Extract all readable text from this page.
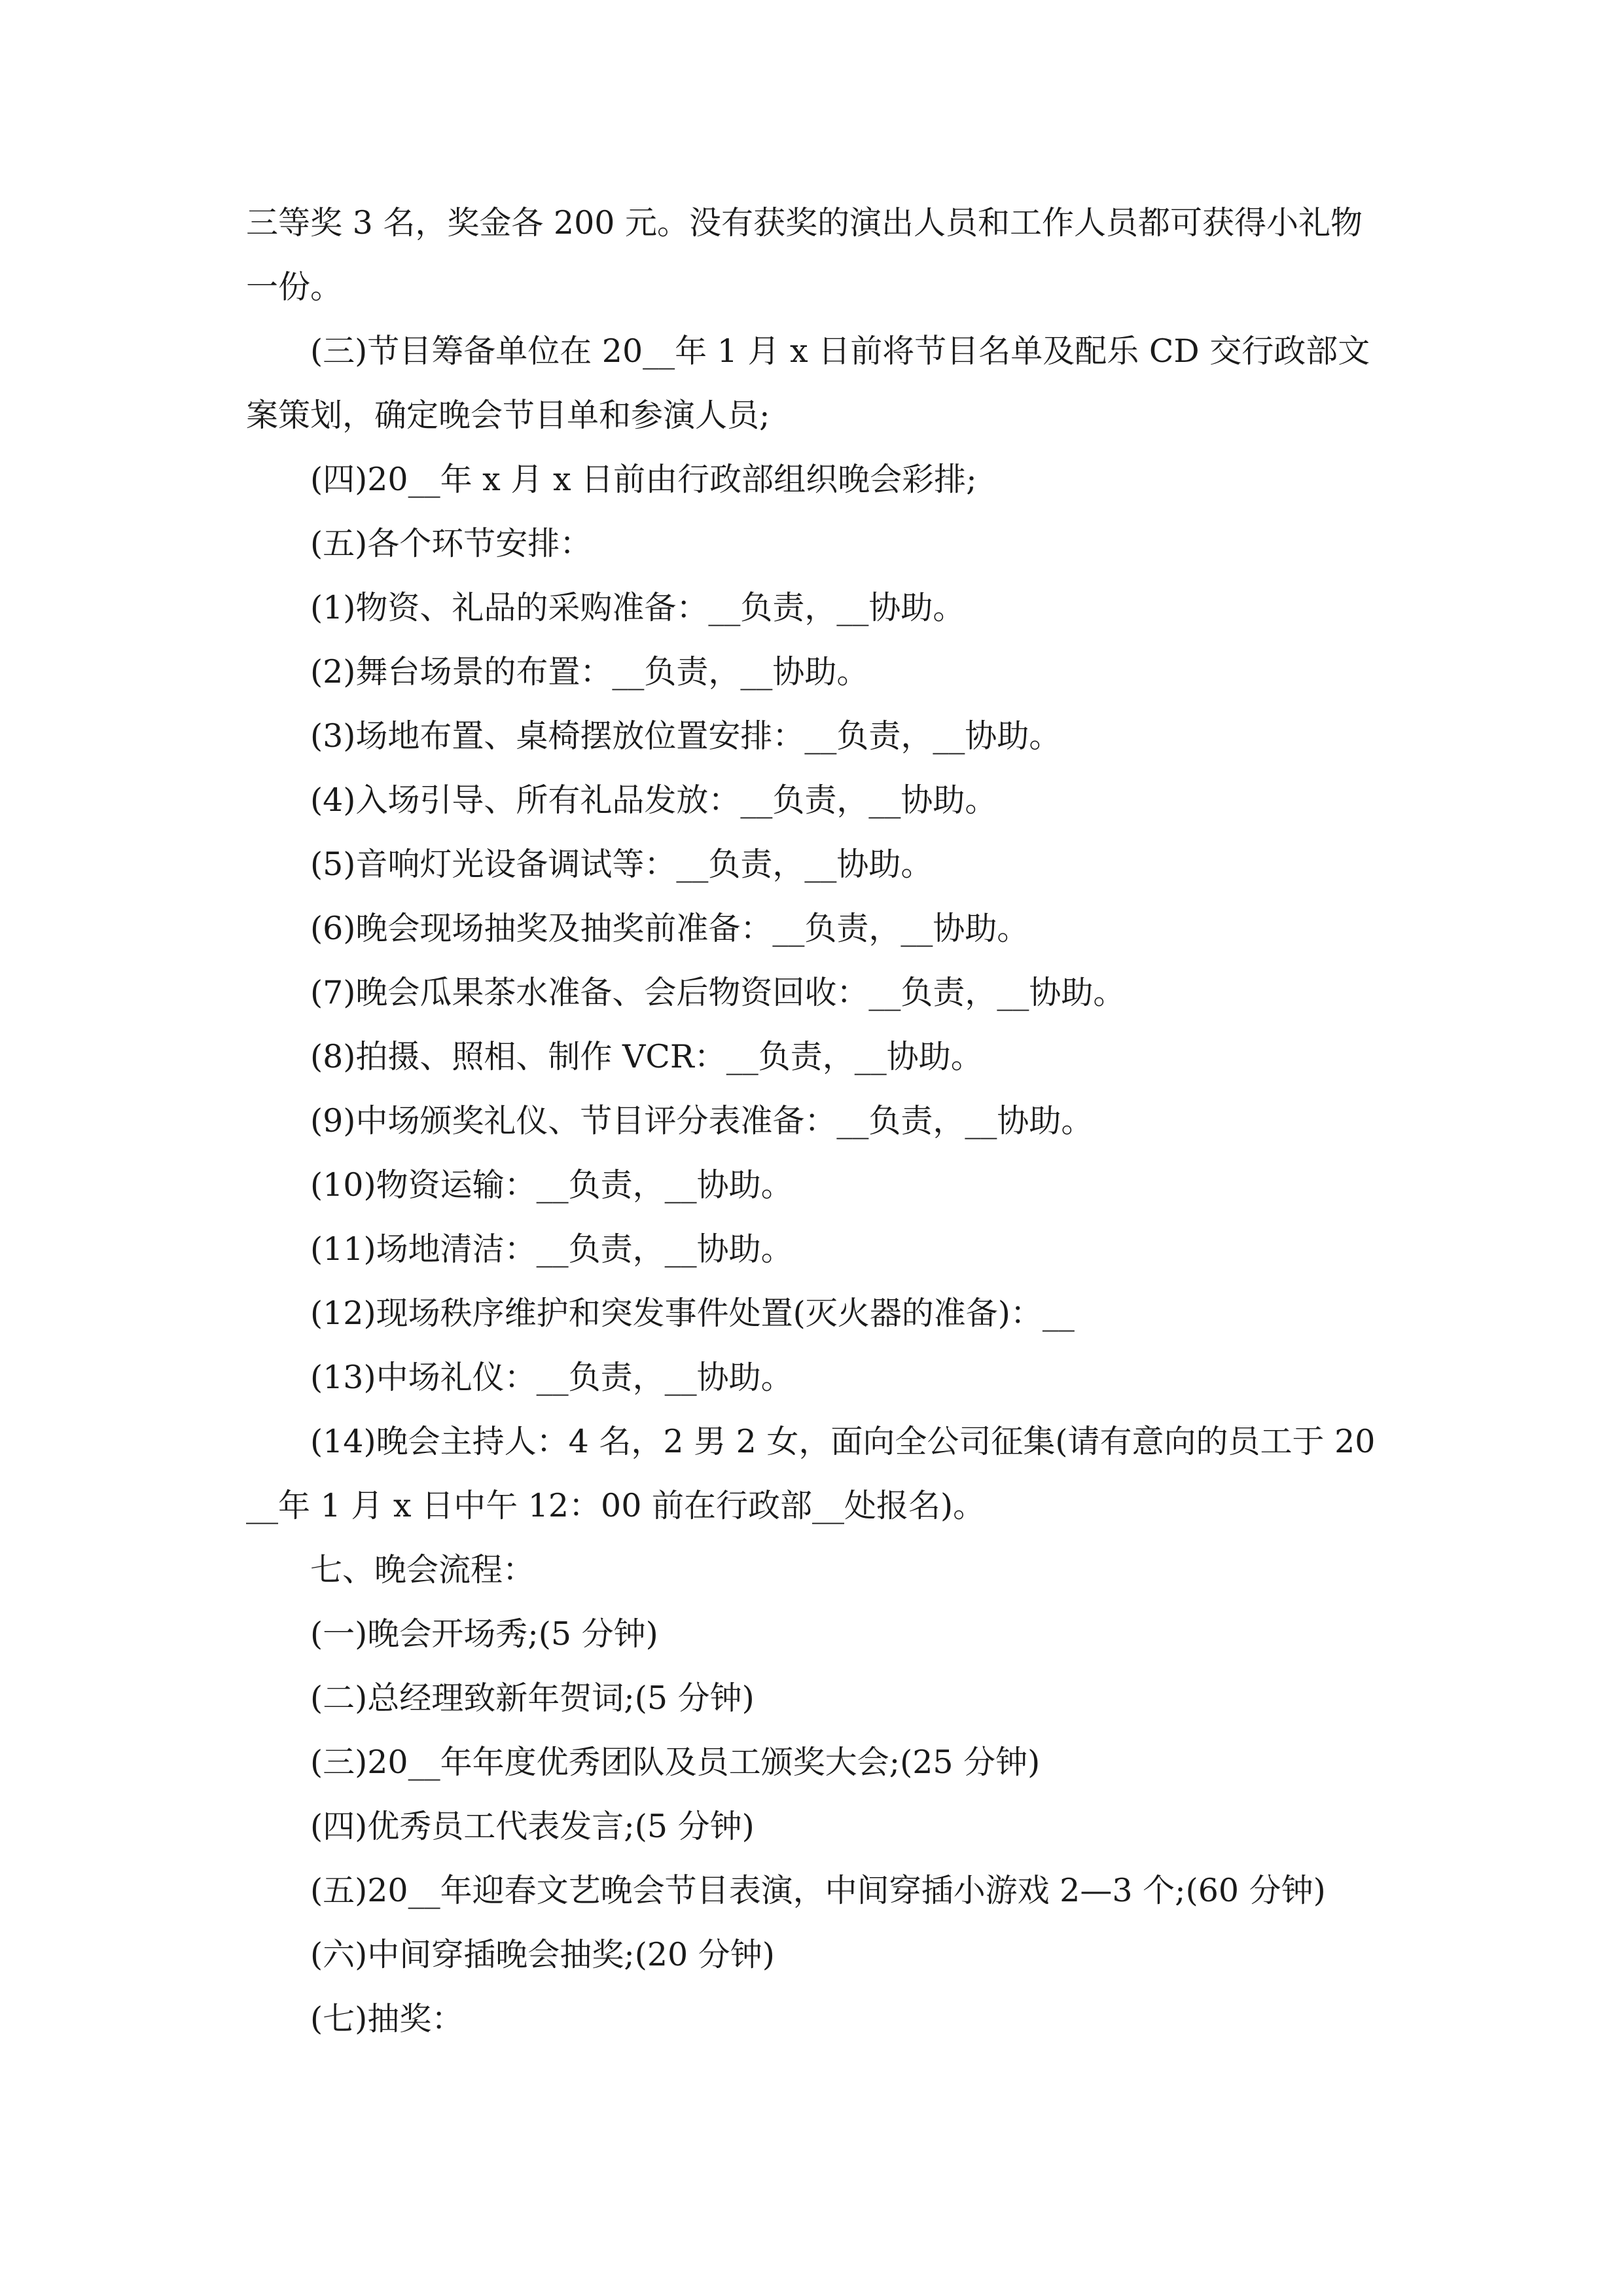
三等奖 3 名，奖金各 200 元。没有获奖的演出人员和工作人员都可获得小礼物一份。

(三)节目筹备单位在 20__年 1 月 x 日前将节目名单及配乐 CD 交行政部文案策划，确定晚会节目单和参演人员;

(四)20__年 x 月 x 日前由行政部组织晚会彩排;

(五)各个环节安排：

(1)物资、礼品的采购准备：__负责，__协助。

(2)舞台场景的布置：__负责，__协助。

(3)场地布置、桌椅摆放位置安排：__负责，__协助。

(4)入场引导、所有礼品发放：__负责，__协助。

(5)音响灯光设备调试等：__负责，__协助。

(6)晚会现场抽奖及抽奖前准备：__负责，__协助。

(7)晚会瓜果茶水准备、会后物资回收：__负责，__协助。

(8)拍摄、照相、制作 VCR：__负责，__协助。

(9)中场颁奖礼仪、节目评分表准备：__负责，__协助。

(10)物资运输：__负责，__协助。

(11)场地清洁：__负责，__协助。

(12)现场秩序维护和突发事件处置(灭火器的准备)：__

(13)中场礼仪：__负责，__协助。

(14)晚会主持人：4 名，2 男 2 女，面向全公司征集(请有意向的员工于 20__年 1 月 x 日中午 12：00 前在行政部__处报名)。

七、晚会流程：

(一)晚会开场秀;(5 分钟)

(二)总经理致新年贺词;(5 分钟)

(三)20__年年度优秀团队及员工颁奖大会;(25 分钟)

(四)优秀员工代表发言;(5 分钟)

(五)20__年迎春文艺晚会节目表演，中间穿插小游戏 2—3 个;(60 分钟)

(六)中间穿插晚会抽奖;(20 分钟)

(七)抽奖：
